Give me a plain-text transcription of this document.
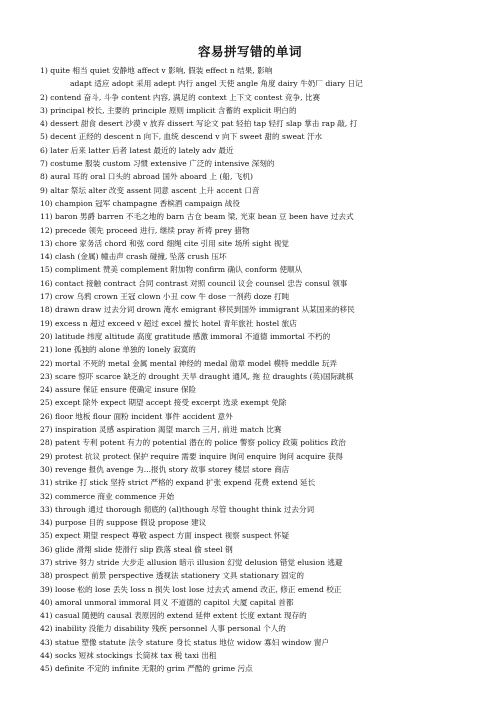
容易拼写错的单词
1) quite 相当 quiet 安静地 affect v 影响, 假装 effect n 结果, 影响
adapt 适应 adopt 采用 adept 内行 angel 天使 angle 角度 dairy 牛奶厂 diary 日记
2) contend 奋斗, 斗争 content 内容, 满足的 context 上下文 contest 竞争, 比赛
3) principal 校长, 主要的 principle 原则 implicit 含蓄的 explicit 明白的
4) dessert 甜食 desert 沙漠 v 放弃 dissert 写论文 pat 轻拍 tap 轻打 slap 掌击 rap 敲, 打
5) decent 正经的 descent n 向下, 血统 descend v 向下 sweet 甜的 sweat 汗水
6) later 后来 latter 后者 latest 最近的 lately adv 最近
7) costume 服装 custom 习惯 extensive 广泛的 intensive 深刻的
8) aural 耳的 oral 口头的 abroad 国外 aboard 上 (船, 飞机)
9) altar 祭坛 alter 改变 assent 同意 ascent 上升 accent 口音
10) champion 冠军 champagne 香槟酒 campaign 战役
11) baron 男爵 barren 不毛之地的 barn 古仓 beam 梁, 光束 bean 豆 been have 过去式
12) precede 领先 proceed 进行, 继续 pray 祈祷 prey 猎物
13) chore 家务活 chord 和弦 cord 细绳 cite 引用 site 场所 sight 视觉
14) clash (金属) 幢击声 crash 碰撞, 坠落 crush 压坏
15) compliment 赞美 complement 附加物 confirm 确认 conform 使顺从
16) contact 接触 contract 合同 contrast 对照 council 议会 counsel 忠告 consul 领事
17) crow 乌鸦 crown 王冠 clown 小丑 cow 牛 dose 一剂药 doze 打盹
18) drawn draw 过去分词 drown 淹水 emigrant 移民到国外 immigrant 从某国来的移民
19) excess n 超过 exceed v 超过 excel 擅长 hotel 青年旅社 hostel 旅店
20) latitude 纬度 altitude 高度 gratitude 感激 immoral 不道德 immortal 不朽的
21) lone 孤独的 alone 单独的 lonely 寂寞的
22) mortal 不死的 metal 金属 mental 神经的 medal 勋章 model 模特 meddle 玩弄
23) scare 惊吓 scarce 缺乏的 drought 天旱 draught 通风, 拖 拉 draughts (英)国际跳棋
24) assure 保证 ensure 使确定 insure 保险
25) except 除外 expect 期望 accept 接受 excerpt 选录 exempt 免除
26) floor 地板 flour 面粉 incident 事件 accident 意外
27) inspiration 灵感 aspiration 渴望 march 三月, 前进 match 比赛
28) patent 专利 potent 有力的 potential 潜在的 police 警察 policy 政策 politics 政治
29) protest 抗议 protect 保护 require 需要 inquire 询问 enquire 询问 acquire 获得
30) revenge 报仇 avenge 为...报仇 story 故事 storey 楼层 store 商店
31) strike 打 stick 坚持 strict 严格的 expand 扩张 expend 花费 extend 延长
32) commerce 商业 commence 开始
33) through 通过 thorough 彻底的 (al)though 尽管 thought think 过去分词
34) purpose 目的 suppose 假设 propose 建议
35) expect 期望 respect 尊敬 aspect 方面 inspect 视察 suspect 怀疑
36) glide 滑翔 slide 使滑行 slip 跌落 steal 偷 steel 钢
37) strive 努力 stride 大步走 allusion 暗示 illusion 幻觉 delusion 错觉 elusion 逃避
38) prospect 前景 perspective 透视法 stationery 文具 stationary 固定的
39) loose 松的 lose 丢失 loss n 损失 lost lose 过去式 amend 改正, 修正 emend 校正
40) amoral unmoral immoral 同义 不道德的 capitol 大厦 capital 首都
41) casual 随便的 causal 表原因的 extend 延伸 extent 长度 extant 现存的
42) inability 没能力 disability 残疾 personnel 人事 personal 个人的
43) statue 塑像 statute 法令 stature 身长 status 地位 widow 寡妇 window 窗户
44) socks 短袜 stockings 长筒袜 tax 税 taxi 出租
45) definite 不定的 infinite 无限的 grim 严酷的 grime 污点
